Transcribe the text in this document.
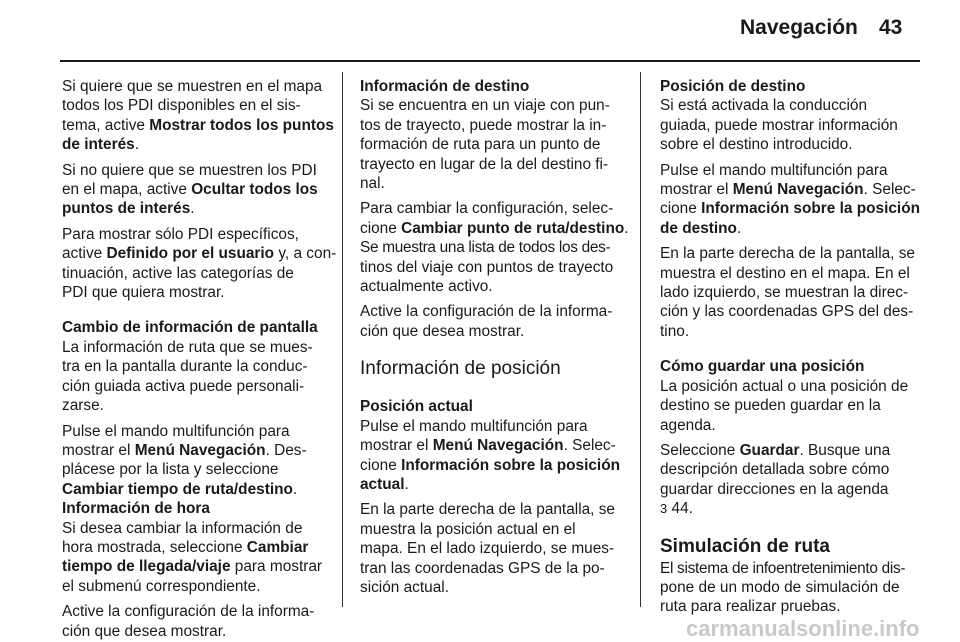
Navegación 43
Si quiere que se muestren en el mapa
todos los PDI disponibles en el sis-
tema, active Mostrar todos los puntos
de interés.
Si no quiere que se muestren los PDI
en el mapa, active Ocultar todos los
puntos de interés.
Para mostrar sólo PDI específicos,
active Definido por el usuario y, a con-
tinuación, active las categorías de
PDI que quiera mostrar.
Cambio de información de pantalla
La información de ruta que se mues-
tra en la pantalla durante la conduc-
ción guiada activa puede personali-
zarse.
Pulse el mando multifunción para
mostrar el Menú Navegación. Des-
plácese por la lista y seleccione
Cambiar tiempo de ruta/destino.
Información de hora
Si desea cambiar la información de
hora mostrada, seleccione Cambiar
tiempo de llegada/viaje para mostrar
el submenú correspondiente.
Active la configuración de la informa-
ción que desea mostrar.
Información de destino
Si se encuentra en un viaje con pun-
tos de trayecto, puede mostrar la in-
formación de ruta para un punto de
trayecto en lugar de la del destino fi-
nal.
Para cambiar la configuración, selec-
cione Cambiar punto de ruta/destino.
Se muestra una lista de todos los des-
tinos del viaje con puntos de trayecto
actualmente activo.
Active la configuración de la informa-
ción que desea mostrar.
Información de posición
Posición actual
Pulse el mando multifunción para
mostrar el Menú Navegación. Selec-
cione Información sobre la posición
actual.
En la parte derecha de la pantalla, se
muestra la posición actual en el
mapa. En el lado izquierdo, se mues-
tran las coordenadas GPS de la po-
sición actual.
Posición de destino
Si está activada la conducción
guiada, puede mostrar información
sobre el destino introducido.
Pulse el mando multifunción para
mostrar el Menú Navegación. Selec-
cione Información sobre la posición
de destino.
En la parte derecha de la pantalla, se
muestra el destino en el mapa. En el
lado izquierdo, se muestran la direc-
ción y las coordenadas GPS del des-
tino.
Cómo guardar una posición
La posición actual o una posición de
destino se pueden guardar en la
agenda.
Seleccione Guardar. Busque una
descripción detallada sobre cómo
guardar direcciones en la agenda
3 44.
Simulación de ruta
El sistema de infoentretenimiento dis-
pone de un modo de simulación de
ruta para realizar pruebas.
carmanualsonline.info
